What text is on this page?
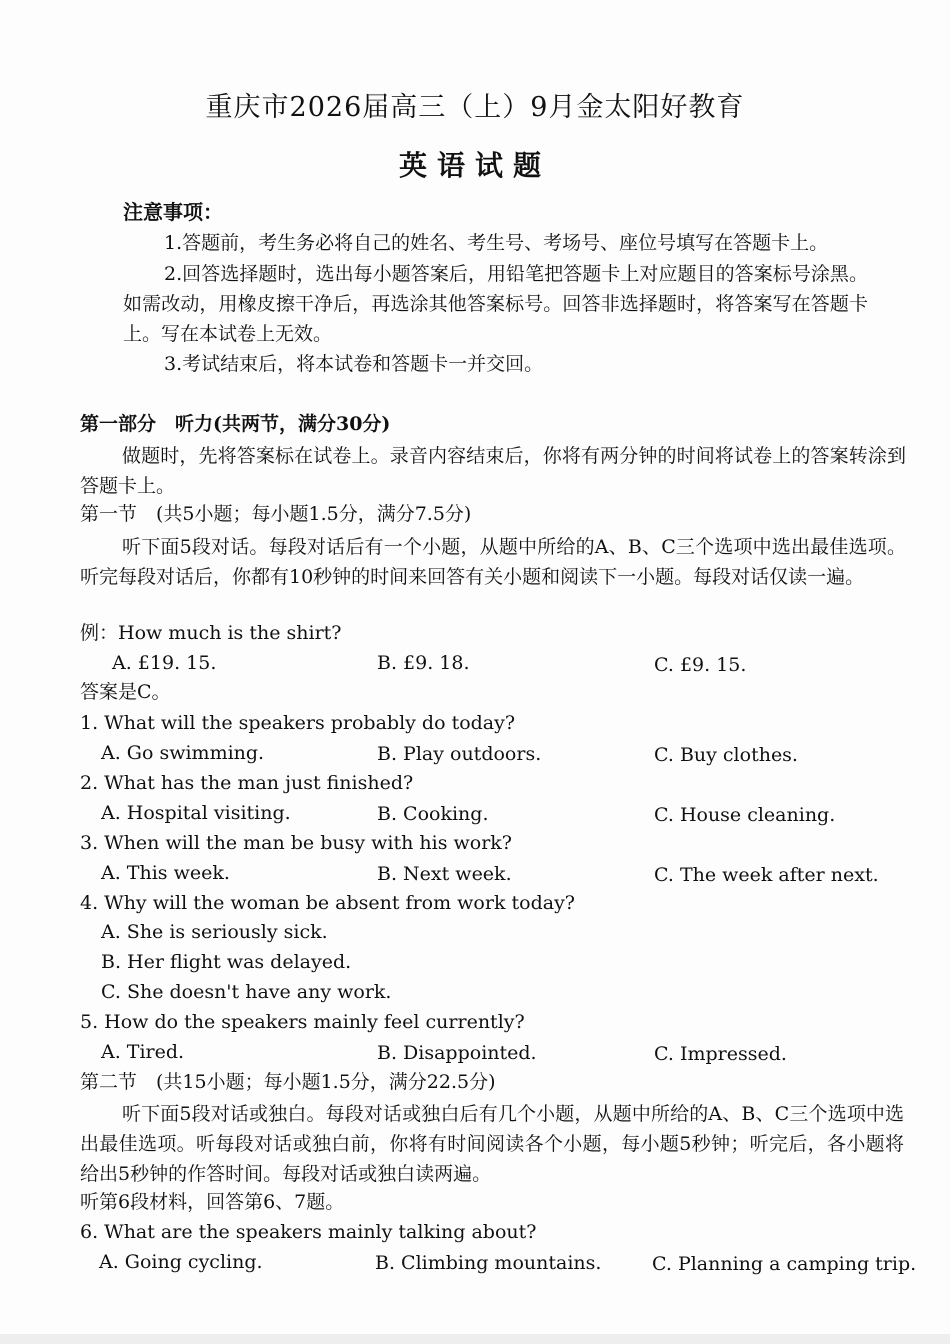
重庆市2026届高三（上）9月金太阳好教育
英语试题
注意事项：
1.答题前，考生务必将自己的姓名、考生号、考场号、座位号填写在答题卡上。
2.回答选择题时，选出每小题答案后，用铅笔把答题卡上对应题目的答案标号涂黑。如需改动，用橡皮擦干净后，再选涂其他答案标号。回答非选择题时，将答案写在答题卡上。写在本试卷上无效。
3.考试结束后，将本试卷和答题卡一并交回。
第一部分　听力(共两节，满分30分)
做题时，先将答案标在试卷上。录音内容结束后，你将有两分钟的时间将试卷上的答案转涂到答题卡上。
第一节　(共5小题；每小题1.5分，满分7.5分)
听下面5段对话。每段对话后有一个小题，从题中所给的A、B、C三个选项中选出最佳选项。听完每段对话后，你都有10秒钟的时间来回答有关小题和阅读下一小题。每段对话仅读一遍。
例：How much is the shirt?
A. £19. 15.	B. £9. 18.	C. £9. 15.
答案是C。
1. What will the speakers probably do today?
A. Go swimming.	B. Play outdoors.	C. Buy clothes.
2. What has the man just finished?
A. Hospital visiting.	B. Cooking.	C. House cleaning.
3. When will the man be busy with his work?
A. This week.	B. Next week.	C. The week after next.
4. Why will the woman be absent from work today?
A. She is seriously sick.
B. Her flight was delayed.
C. She doesn't have any work.
5. How do the speakers mainly feel currently?
A. Tired.	B. Disappointed.	C. Impressed.
第二节　(共15小题；每小题1.5分，满分22.5分)
听下面5段对话或独白。每段对话或独白后有几个小题，从题中所给的A、B、C三个选项中选出最佳选项。听每段对话或独白前，你将有时间阅读各个小题，每小题5秒钟；听完后，各小题将给出5秒钟的作答时间。每段对话或独白读两遍。
听第6段材料，回答第6、7题。
6. What are the speakers mainly talking about?
A. Going cycling.	B. Climbing mountains.	C. Planning a camping trip.
